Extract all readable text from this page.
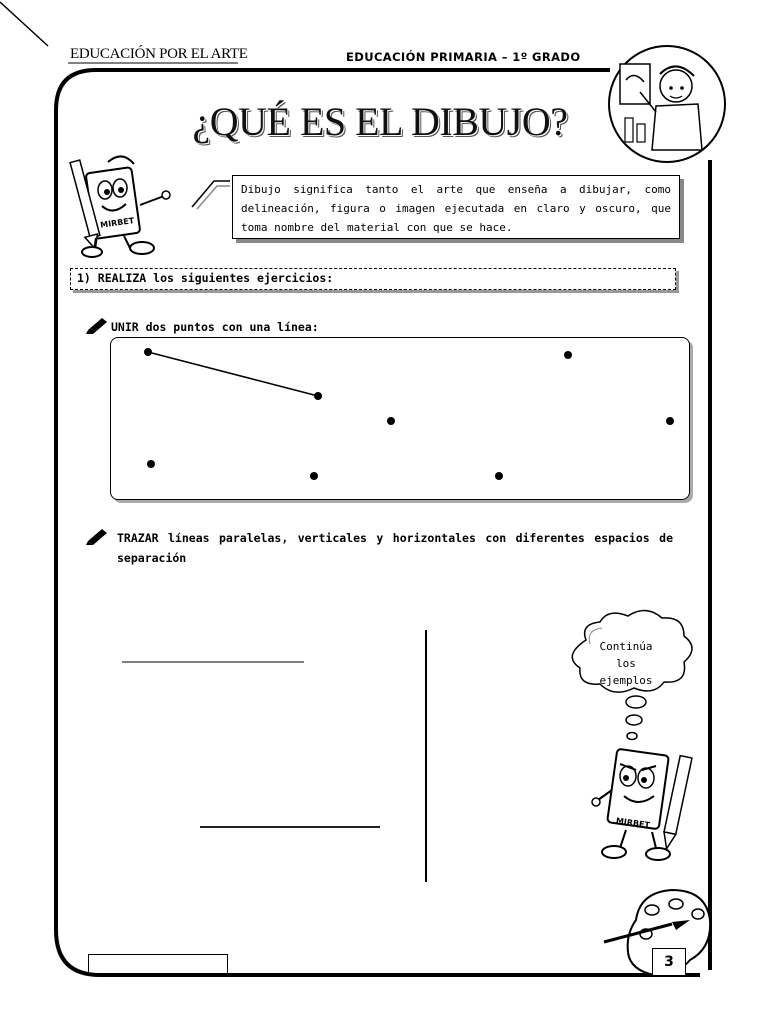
MIRBET
MIRBET
EDUCACIÓN POR EL ARTE	EDUCACIÓN PRIMARIA – 1º GRADO
¿QUÉ ES EL DIBUJO?
Dibujo significa tanto el arte que enseña a dibujar, como delineación, figura o imagen ejecutada en claro y oscuro, que toma nombre del material con que se hace.
1) REALIZA los siguientes ejercicios:
UNIR dos puntos con una línea:
TRAZAR líneas paralelas, verticales y horizontales con diferentes espacios de separación
Continúa
los
ejemplos
3
